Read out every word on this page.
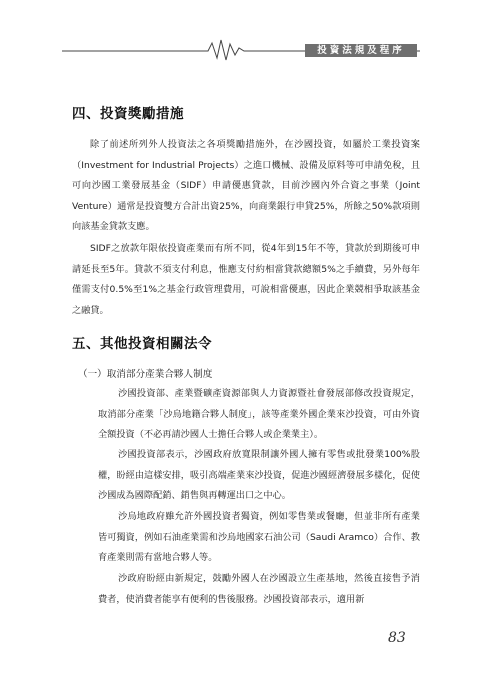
投資法規及程序
四、投資獎勵措施
除了前述所列外人投資法之各項獎勵措施外，在沙國投資，如屬於工業投資案（Investment for Industrial Projects）之進口機械、設備及原料等可申請免稅，且可向沙國工業發展基金（SIDF）申請優惠貸款，目前沙國內外合資之事業（Joint Venture）通常是投資雙方合計出資25%，向商業銀行申貸25%，所餘之50%款項則向該基金貸款支應。
SIDF之放款年限依投資產業而有所不同，從4年到15年不等，貸款於到期後可申請延長至5年。貸款不須支付利息，惟應支付約相當貸款總額5%之手續費，另外每年僅需支付0.5%至1%之基金行政管理費用，可說相當優惠，因此企業競相爭取該基金之融貸。
五、其他投資相關法令
（一）取消部分產業合夥人制度
沙國投資部、產業暨礦產資源部與人力資源暨社會發展部修改投資規定，取消部分產業「沙烏地籍合夥人制度」，該等產業外國企業來沙投資，可由外資全額投資（不必再請沙國人士擔任合夥人或企業業主）。
沙國投資部表示，沙國政府放寬限制讓外國人擁有零售或批發業100%股權，盼經由這樣安排，吸引高端產業來沙投資，促進沙國經濟發展多樣化，促使沙國成為國際配銷、銷售與再轉運出口之中心。
沙烏地政府雖允許外國投資者獨資，例如零售業或餐廳，但並非所有產業皆可獨資，例如石油產業需和沙烏地國家石油公司（Saudi Aramco）合作、教育產業則需有當地合夥人等。
沙政府盼經由新規定，鼓勵外國人在沙國設立生產基地，然後直接售予消費者，使消費者能享有便利的售後服務。沙國投資部表示，適用新
83
